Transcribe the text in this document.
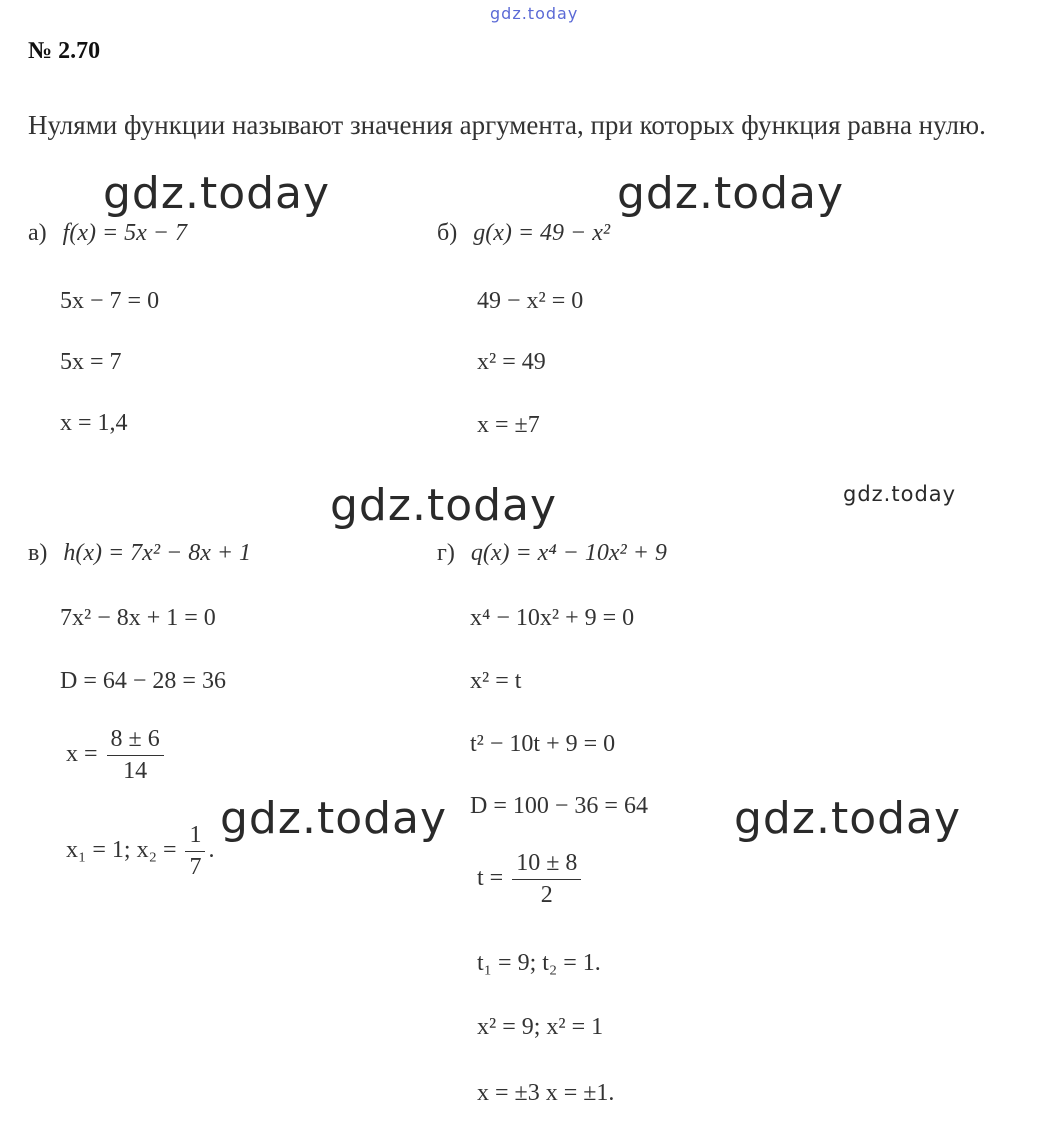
gdz.today
gdz.today	gdz.today
gdz.today	gdz.today
gdz.today	gdz.today
№ 2.70
Нулями функции называют значения аргумента, при которых функция равна нулю.
а) f(x) = 5x − 7
5x − 7 = 0
5x = 7
x = 1,4
б) g(x) = 49 − x²
49 − x² = 0
x² = 49
x = ±7
в) h(x) = 7x² − 8x + 1
7x² − 8x + 1 = 0
D = 64 − 28 = 36
$x = \frac{8 \pm 6}{14}$
x₁ = 1; $x_2 = \frac{1}{7}$ .
г) q(x) = x⁴ − 10x² + 9
x⁴ − 10x² + 9 = 0
x² = t
t² − 10t + 9 = 0
D = 100 − 36 = 64
$t = \frac{10 \pm 8}{2}$
t₁ = 9; t₂ = 1.
x² = 9; x² = 1
x = ±3 x = ±1.
